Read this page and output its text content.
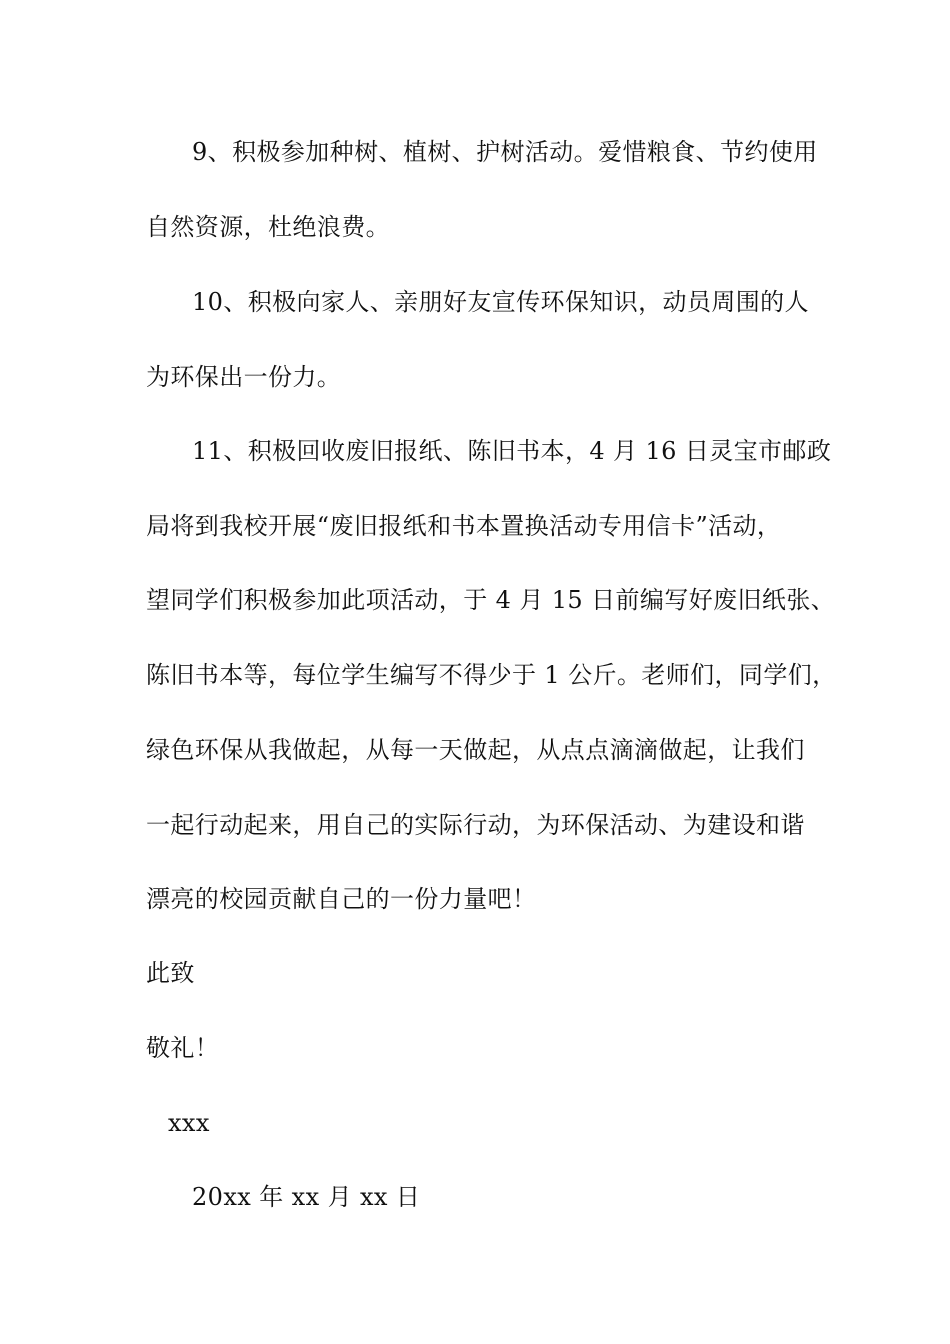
9、积极参加种树、植树、护树活动。爱惜粮食、节约使用
自然资源，杜绝浪费。
10、积极向家人、亲朋好友宣传环保知识，动员周围的人
为环保出一份力。
11、积极回收废旧报纸、陈旧书本，4 月 16 日灵宝市邮政
局将到我校开展“废旧报纸和书本置换活动专用信卡”活动，
望同学们积极参加此项活动，于 4 月 15 日前编写好废旧纸张、
陈旧书本等，每位学生编写不得少于 1 公斤。老师们，同学们，
绿色环保从我做起，从每一天做起，从点点滴滴做起，让我们
一起行动起来，用自己的实际行动，为环保活动、为建设和谐
漂亮的校园贡献自己的一份力量吧！
此致
敬礼！
xxx
20xx 年 xx 月 xx 日
